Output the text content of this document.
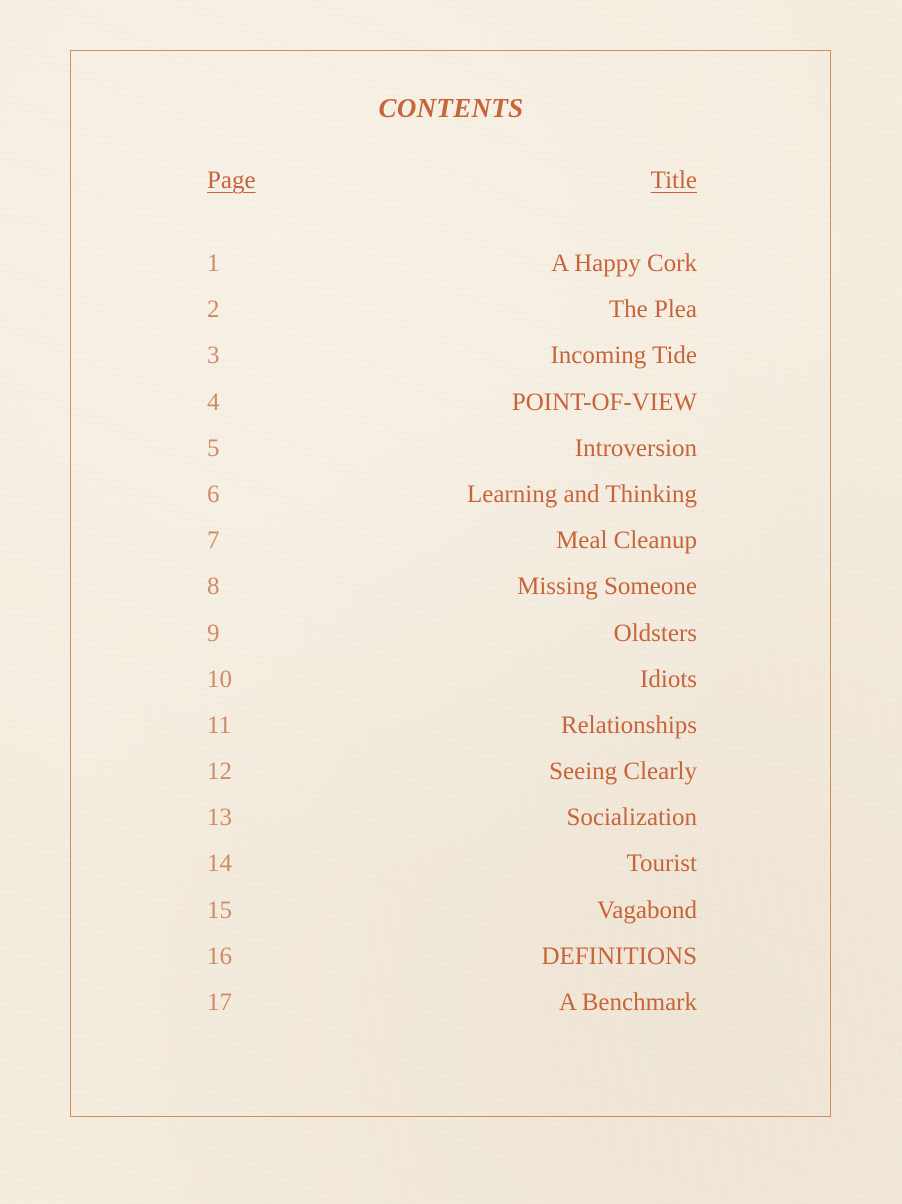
CONTENTS
Page	Title
1	A Happy Cork
2	The Plea
3	Incoming Tide
4	POINT-OF-VIEW
5	Introversion
6	Learning and Thinking
7	Meal Cleanup
8	Missing Someone
9	Oldsters
10	Idiots
11	Relationships
12	Seeing Clearly
13	Socialization
14	Tourist
15	Vagabond
16	DEFINITIONS
17	A Benchmark
